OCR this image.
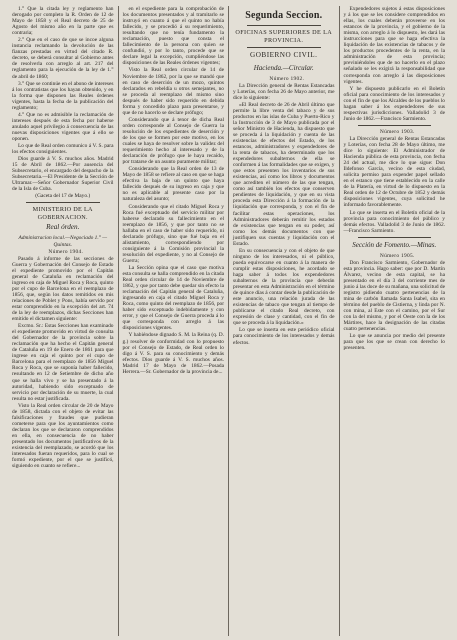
1.° Que la citada ley y reglamento han derogado por completo la R. Orden de 12 de Mayo de 1858 y el Real decreto de 25 de Agosto del mismo año en la parte que es contraria;

2.° Que en el caso de que se incoe alguna instancia reclamando la devolución de las fianzas prestadas en virtud del citado R. decreto, se deberá consultar al Gobierno antes de resolverla con arreglo al art. 217 del reglamento para la ejecución de la ley de 1.° de abril de 1860;

3.° Que se continúe en el abono de intereses á los contratistas que los hayan obtenido, y en la forma que disponen las Reales órdenes vigentes, hasta la fecha de la publicación del reglamento;

4.° Que no es admisible la reclamación de intereses después de esta fecha por haberse anulado aquel privilegio á consecuencia de las nuevas disposiciones vigentes que á ello se oponen.

Lo que de Real orden comunico á V. S. para los efectos consiguientes.

Dios guarde á V. S. muchos años. Madrid 15 de Abril de 1862.—Por ausencia del Subsecretario, el encargado del despacho de la Subsecretaria.—El Presidente de la Sección de Ultramar.—Señor Gobernador Superior Civil de la Isla de Cuba.

(Gaceta del 17 de Mayo.)

MINISTERIO DE LA GOBERNACION.
Real órden.

Administracion local.—Negociado 1.° —Quintas.

Número 1904.

Pasado á informe de las secciones de Guerra y Gobernación del Consejo de Estado el expediente promovido por el Capitán general de Cataluña en reclamación del ingreso en caja de Miguel Roca y Roca, quinto por el cupo de Barcelona en el reemplazo de 1856, que, según los datos remitidos en mis relaciones de Poblet y Pons, había servido por estar comprendido en la excepción del art. 74 de la ley de reemplazos, dichas Secciones han emitido el dictamen siguiente:

Excmo. Sr.: Estas Secciones han examinado el expediente promovido en virtud de consulta del Gobernador de la provincia sobre la reclamación que ha hecho el Capitán general de Cataluña en 19 de Enero de 1861 para que ingrese en caja el quinto por el cupo de Barcelona para el reemplazo de 1856 Miguel Roca y Roca, que se suponía haber fallecido, resultando en 12 de Setiembre de dicho año que se halla vivo y se ha presentado á la autoridad, habiendo sido exceptuado de servicio por declaración de su muerte, la cual resulta no estar justificada.

Visto la Real orden circular de 20 de Mayo de 1858, dictada con el objeto de evitar las falsificaciones y fraudes que pudieran cometerse para que los ayuntamientos como declaran los que se declararon comprendidos en ella, en consecuencia de no haber presentado los documentos justificativos de la existencia del reemplazado, se acordó que los interesados fueran requeridos, para lo cual se formó expediente, por el que se justificó, siguiendo en cuanto se refiere...

en el expediente para la comprobación de los documentos presentados y al tramitarlo se instruyó en cuanto á que el quinto no había fallecido, y se procedió á su requerimiento, resultando que no tenía fundamento la reclamación, puesto que consta el fallecimiento de la persona con quien se confundió, y por lo tanto, procede que se declare legal la excepción, cumpliéndose las disposiciones de las Reales órdenes vigentes;

Visto la Real orden circular de 14 de Noviembre de 1862, por la que se mandó que en caso de deserción de un mozo, quintos declarados en rebeldía u otros semejantes, no se proceda al reemplazo del mismo sino después de haber sido requerido en debida forma y concedido plazo para presentarse, y que de no hacerlo se declare prófugo;

Considerando que á tenor de dicha Real orden corresponde al Consejo de Guerra la resolución de los expedientes de deserción y de los que se formen por este motivo, en los cuales se haya de resolver sobre la validez del requerimiento hecho al interesado y de la declaración de prófugo que le haya recaído, por tratarse de un asunto puramente militar;

Considerando que la Real orden de 13 de Mayo de 1858 se refiere al caso en que se haga efectiva la baja de un quinto que haya fallecido después de su ingreso en caja y que no es aplicable al presente caso por la naturaleza del asunto;

Considerando que el citado Miguel Roca y Roca fué exceptuado del servicio militar por haberse declarado su fallecimiento en el reemplazo de 1856, y que por tanto no se hallaba en el caso de haber sido requerido, ni declarado prófugo, sino que fué baja en el alistamiento, correspondiendo por consiguiente á la Comisión provincial la resolución del expediente, y no al Consejo de Guerra;

La Sección opina que el caso que motiva esta consulta se halla comprendido en la citada Real orden circular de 14 de Noviembre de 1862, y que por tanto debe quedar sin efecto la reclamación del Capitán general de Cataluña, ingresando en caja el citado Miguel Roca y Roca, como quinto del reemplazo de 1856, por haber sido exceptuado indebidamente y con error, y que el Consejo de Guerra proceda á lo que corresponda con arreglo á las disposiciones vigentes.

Y habiéndose dignado S. M. la Reina (q. D. g.) resolver de conformidad con lo propuesto por el Consejo de Estado, de Real orden lo digo á V. S. para su conocimiento y demás efectos. Dios guarde á V. S. muchos años. Madrid 17 de Mayo de 1862.—Posada Herrera.—Sr. Gobernador de la provincia de...

Segunda Seccion.
OFICINAS SUPERIORES DE LA PROVINCIA.
GOBIERNO CIVIL.
Hacienda.—Circular.

Número 1902.

La Dirección general de Rentas Estancadas y Loterías, con fecha 26 de Mayo anterior, me dice lo siguiente:

«El Real decreto de 26 de Abril último que permite la libre venta del tabaco y de sus productos en las islas de Cuba y Puerto-Rico y la Instrucción de 3 de Mayo publicada por el señor Ministro de Hacienda, ha dispuesto que se proceda á la liquidación y cuenta de las existencias de efectos del Estado, de los estancos, administradores y expendedores de la renta de tabacos, ha determinado que los expendedores subalternos de ella se conformen á las formalidades que se exigen, y que estos presenten los inventarios de sus existencias, así como los libros y documentos que acrediten el número de las que tengan, como así también los efectos que conserven pendientes de liquidación, y que en su vista proceda esta Dirección á la formación de la liquidación que corresponda, y con el fin de facilitar estas operaciones, los Administradores deberán remitir los estados de existencias que tengan en su poder, así como los demás documentos con que justifiquen sus cuentas y liquidación con el Estado.

En su consecuencia y con el objeto de que ninguno de los interesados, ni el público, pueda equivocarse en cuanto á la manera de cumplir estas disposiciones, he acordado se haga saber á todos los expendedores subalternos de la provincia que deberán presentar en esta Administración en el término de quince días á contar desde la publicación de este anuncio, una relación jurada de las existencias de tabaco que tengan al tiempo de publicarse el citado Real decreto, con expresión de clase y cantidad, con el fin de que se proceda á la liquidación.»

Lo que se inserta en este periódico oficial para conocimiento de los interesados y demás efectos.

Expendedores sujetos á estas disposiciones y á los que se les considere comprendidos en ellas, los cuales deberán proveerse en los estancos de la provincia, y el gobierno de la misma, con arreglo á lo dispuesto, les dará las instrucciones para que se haga efectiva la liquidación de las existencias de tabacos y de los productos procedentes de la renta, en la administración de esta provincia; previniéndoles que de no hacerlo en el plazo señalado se les exigirá la responsabilidad que corresponda con arreglo á las disposiciones vigentes.

Y he dispuesto publicarlo en el Boletín oficial para conocimiento de los interesados y con el fin de que los Alcaldes de los pueblos lo hagan saber á los expendedores de sus respectivas jurisdicciones. Valladolid 3 de Junio de 1862.—Francisco Sarmiento.

Número 1903.

La Dirección general de Rentas Estancadas y Loterías, con fecha 28 de Mayo último, me dice lo siguiente: El Administrador de Hacienda pública de esta provincia, con fecha 24 del actual, me dice lo que sigue: Don Ildefonso García, vecino de esta ciudad, solicita permiso para expender papel sellado en el estanco que tiene establecido en la calle de la Platería, en virtud de lo dispuesto en la Real orden de 12 de Octubre de 1852 y demás disposiciones vigentes, cuya solicitud he informado favorablemente.

Lo que se inserta en el Boletín oficial de la provincia para conocimiento del público y demás efectos. Valladolid 3 de Junio de 1862.—Francisco Sarmiento.

Sección de Fomento.—Minas.

Número 1905.

Don Francisco Sarmiento, Gobernador de esta provincia. Hago saber: que por D. Martín Álvarez, vecino de esta capital, se ha presentado en el día 3 del corriente mes de junio á las doce de su mañana, una solicitud de registro pidiendo cuatro pertenencias de la mina de carbón llamada Santa Isabel, sita en término del pueblo de Cistierna, y linda por N. con mina, al Este con el camino, por el Sur con la del mismo, y por el Oeste con la de los Mártires, hace la designación de las citadas cuatro pertenencias.

Lo que se anuncia por medio del presente para que los que se crean con derecho lo presenten.
